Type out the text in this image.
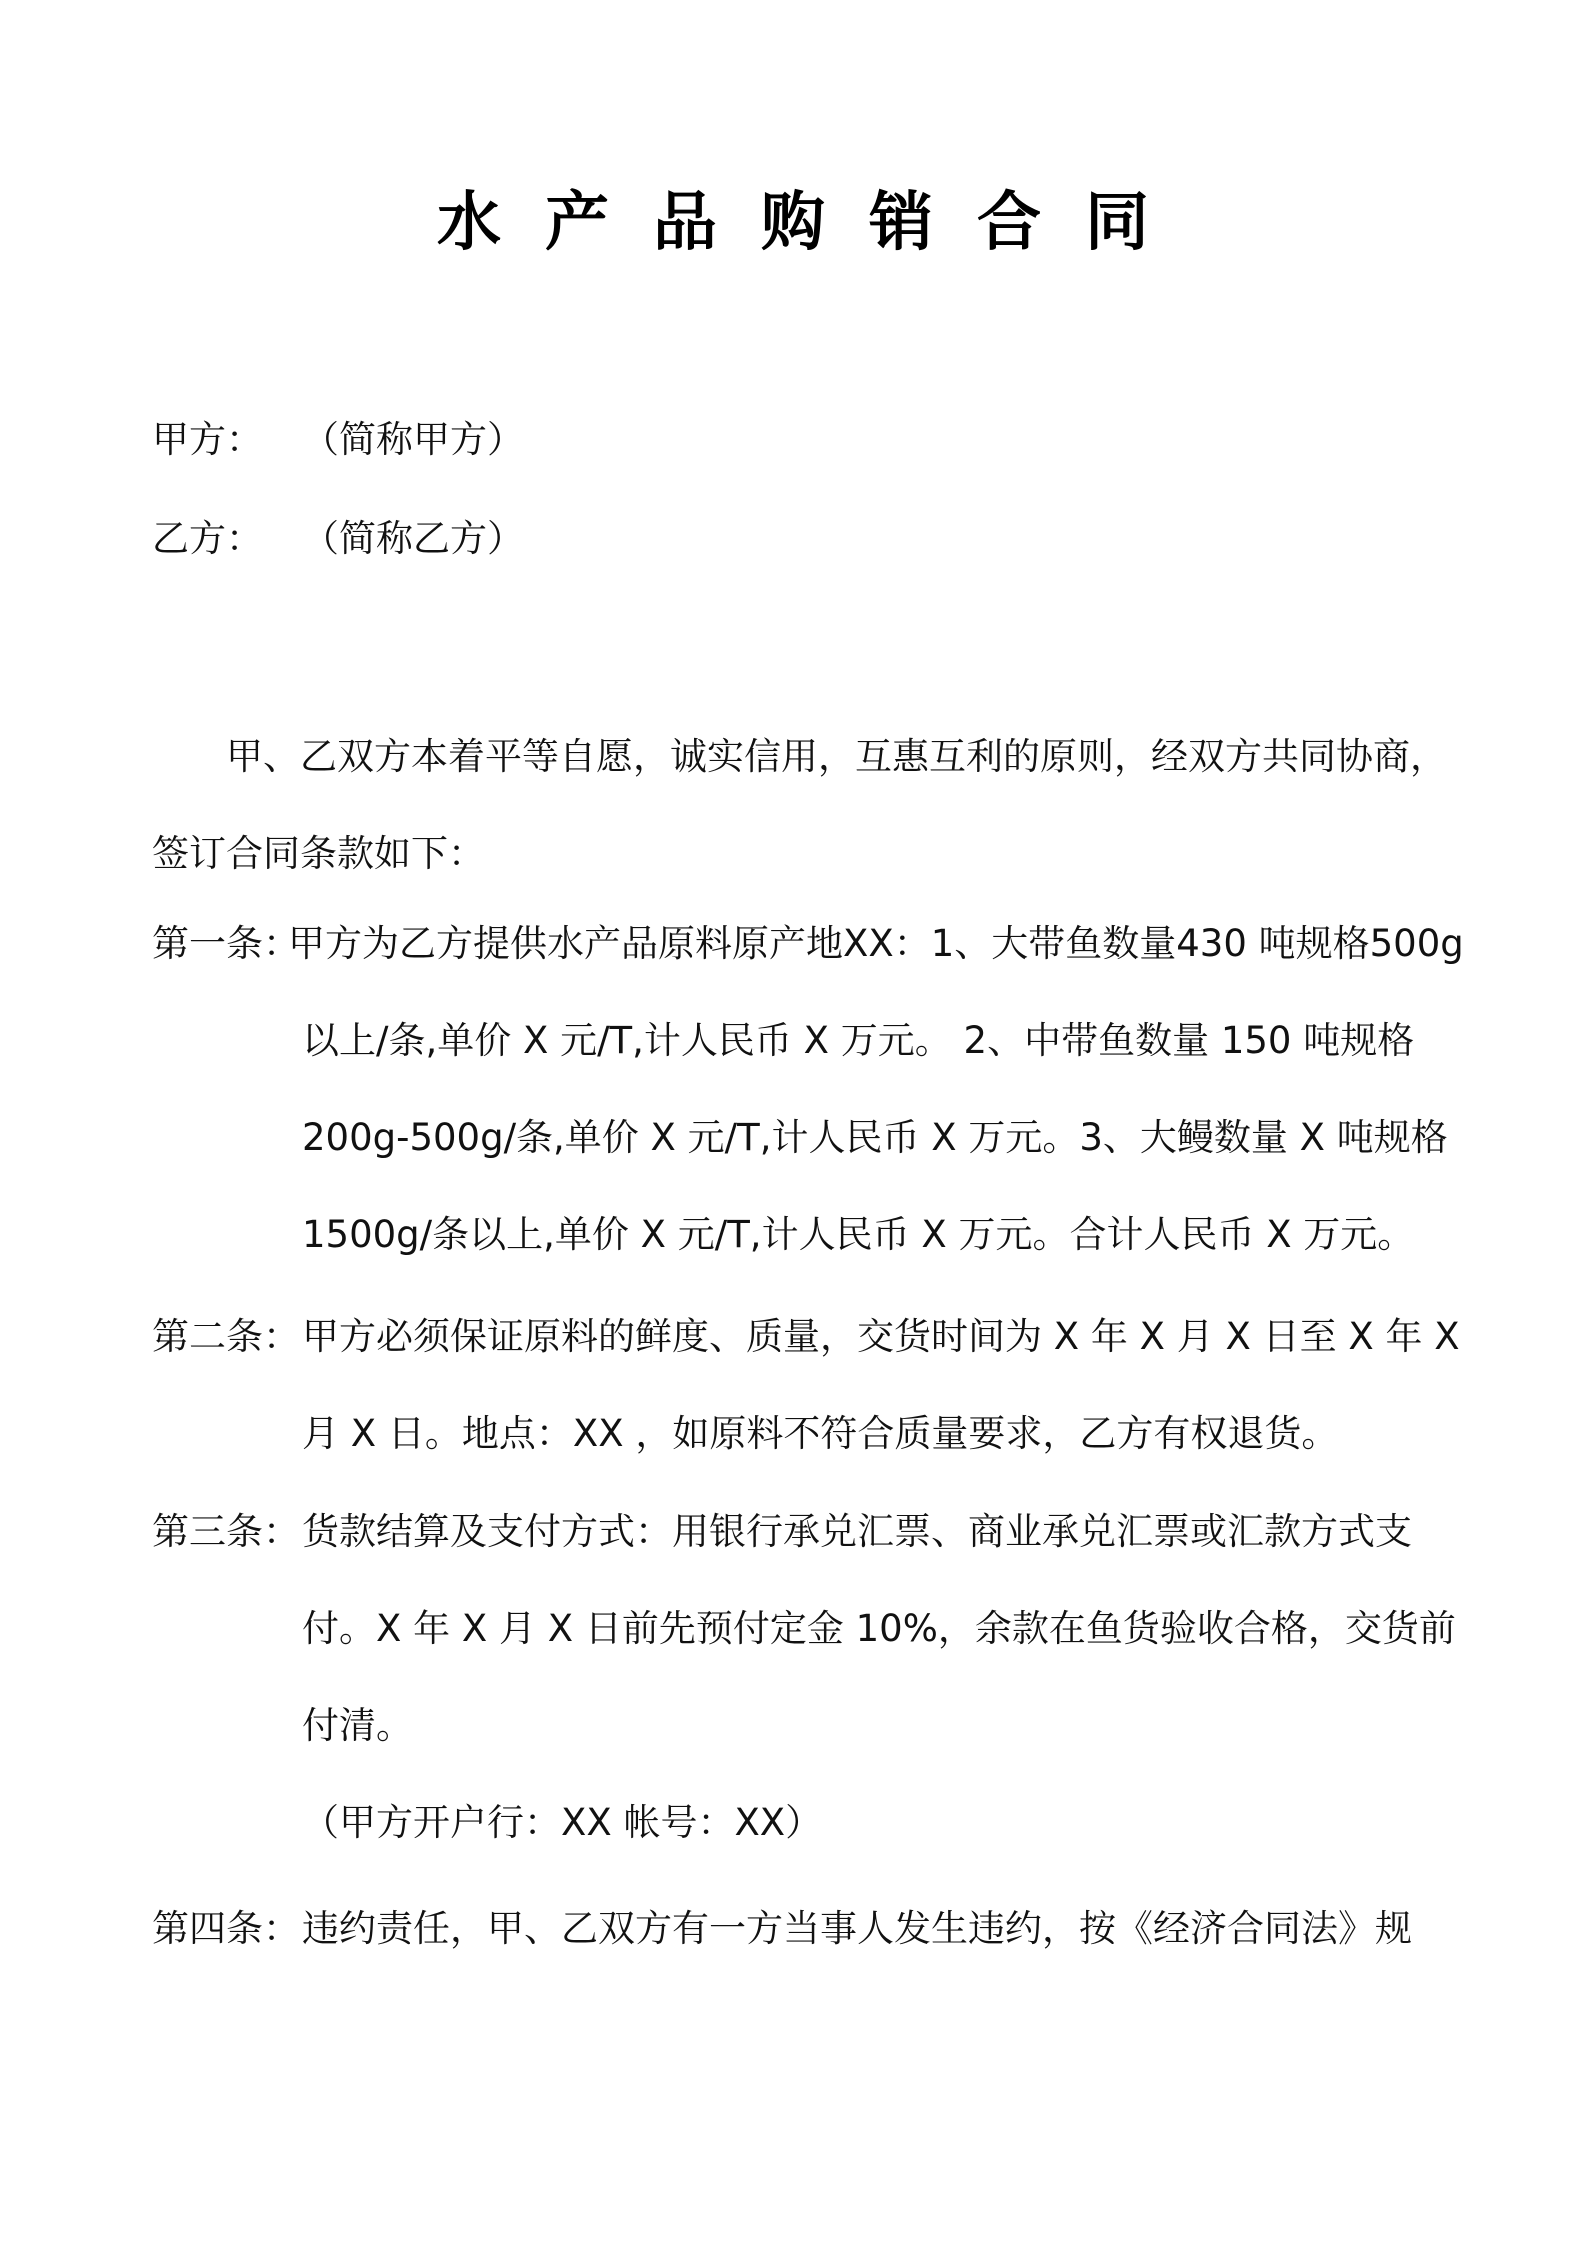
水产品购销合同
甲方： （简称甲方）
乙方： （简称乙方）
甲、乙双方本着平等自愿，诚实信用，互惠互利的原则，经双方共同协商，
签订合同条款如下：
第一条：
甲方为乙方提供水产品原料原产地XX：1、大带鱼数量430 吨规格500g
以上/条,单价 X 元/T,计人民币 X 万元。 2、中带鱼数量 150 吨规格
200g-500g/条,单价 X 元/T,计人民币 X 万元。3、大鳗数量 X 吨规格
1500g/条以上,单价 X 元/T,计人民币 X 万元。合计人民币 X 万元。
第二条： 甲方必须保证原料的鲜度、质量，交货时间为 X 年 X 月 X 日至 X 年 X
月 X 日。地点：XX ，如原料不符合质量要求，乙方有权退货。
第三条： 货款结算及支付方式：用银行承兑汇票、商业承兑汇票或汇款方式支
付。X 年 X 月 X 日前先预付定金 10%，余款在鱼货验收合格，交货前
付清。
（甲方开户行：XX 帐号：XX）
第四条： 违约责任，甲、乙双方有一方当事人发生违约，按《经济合同法》规
